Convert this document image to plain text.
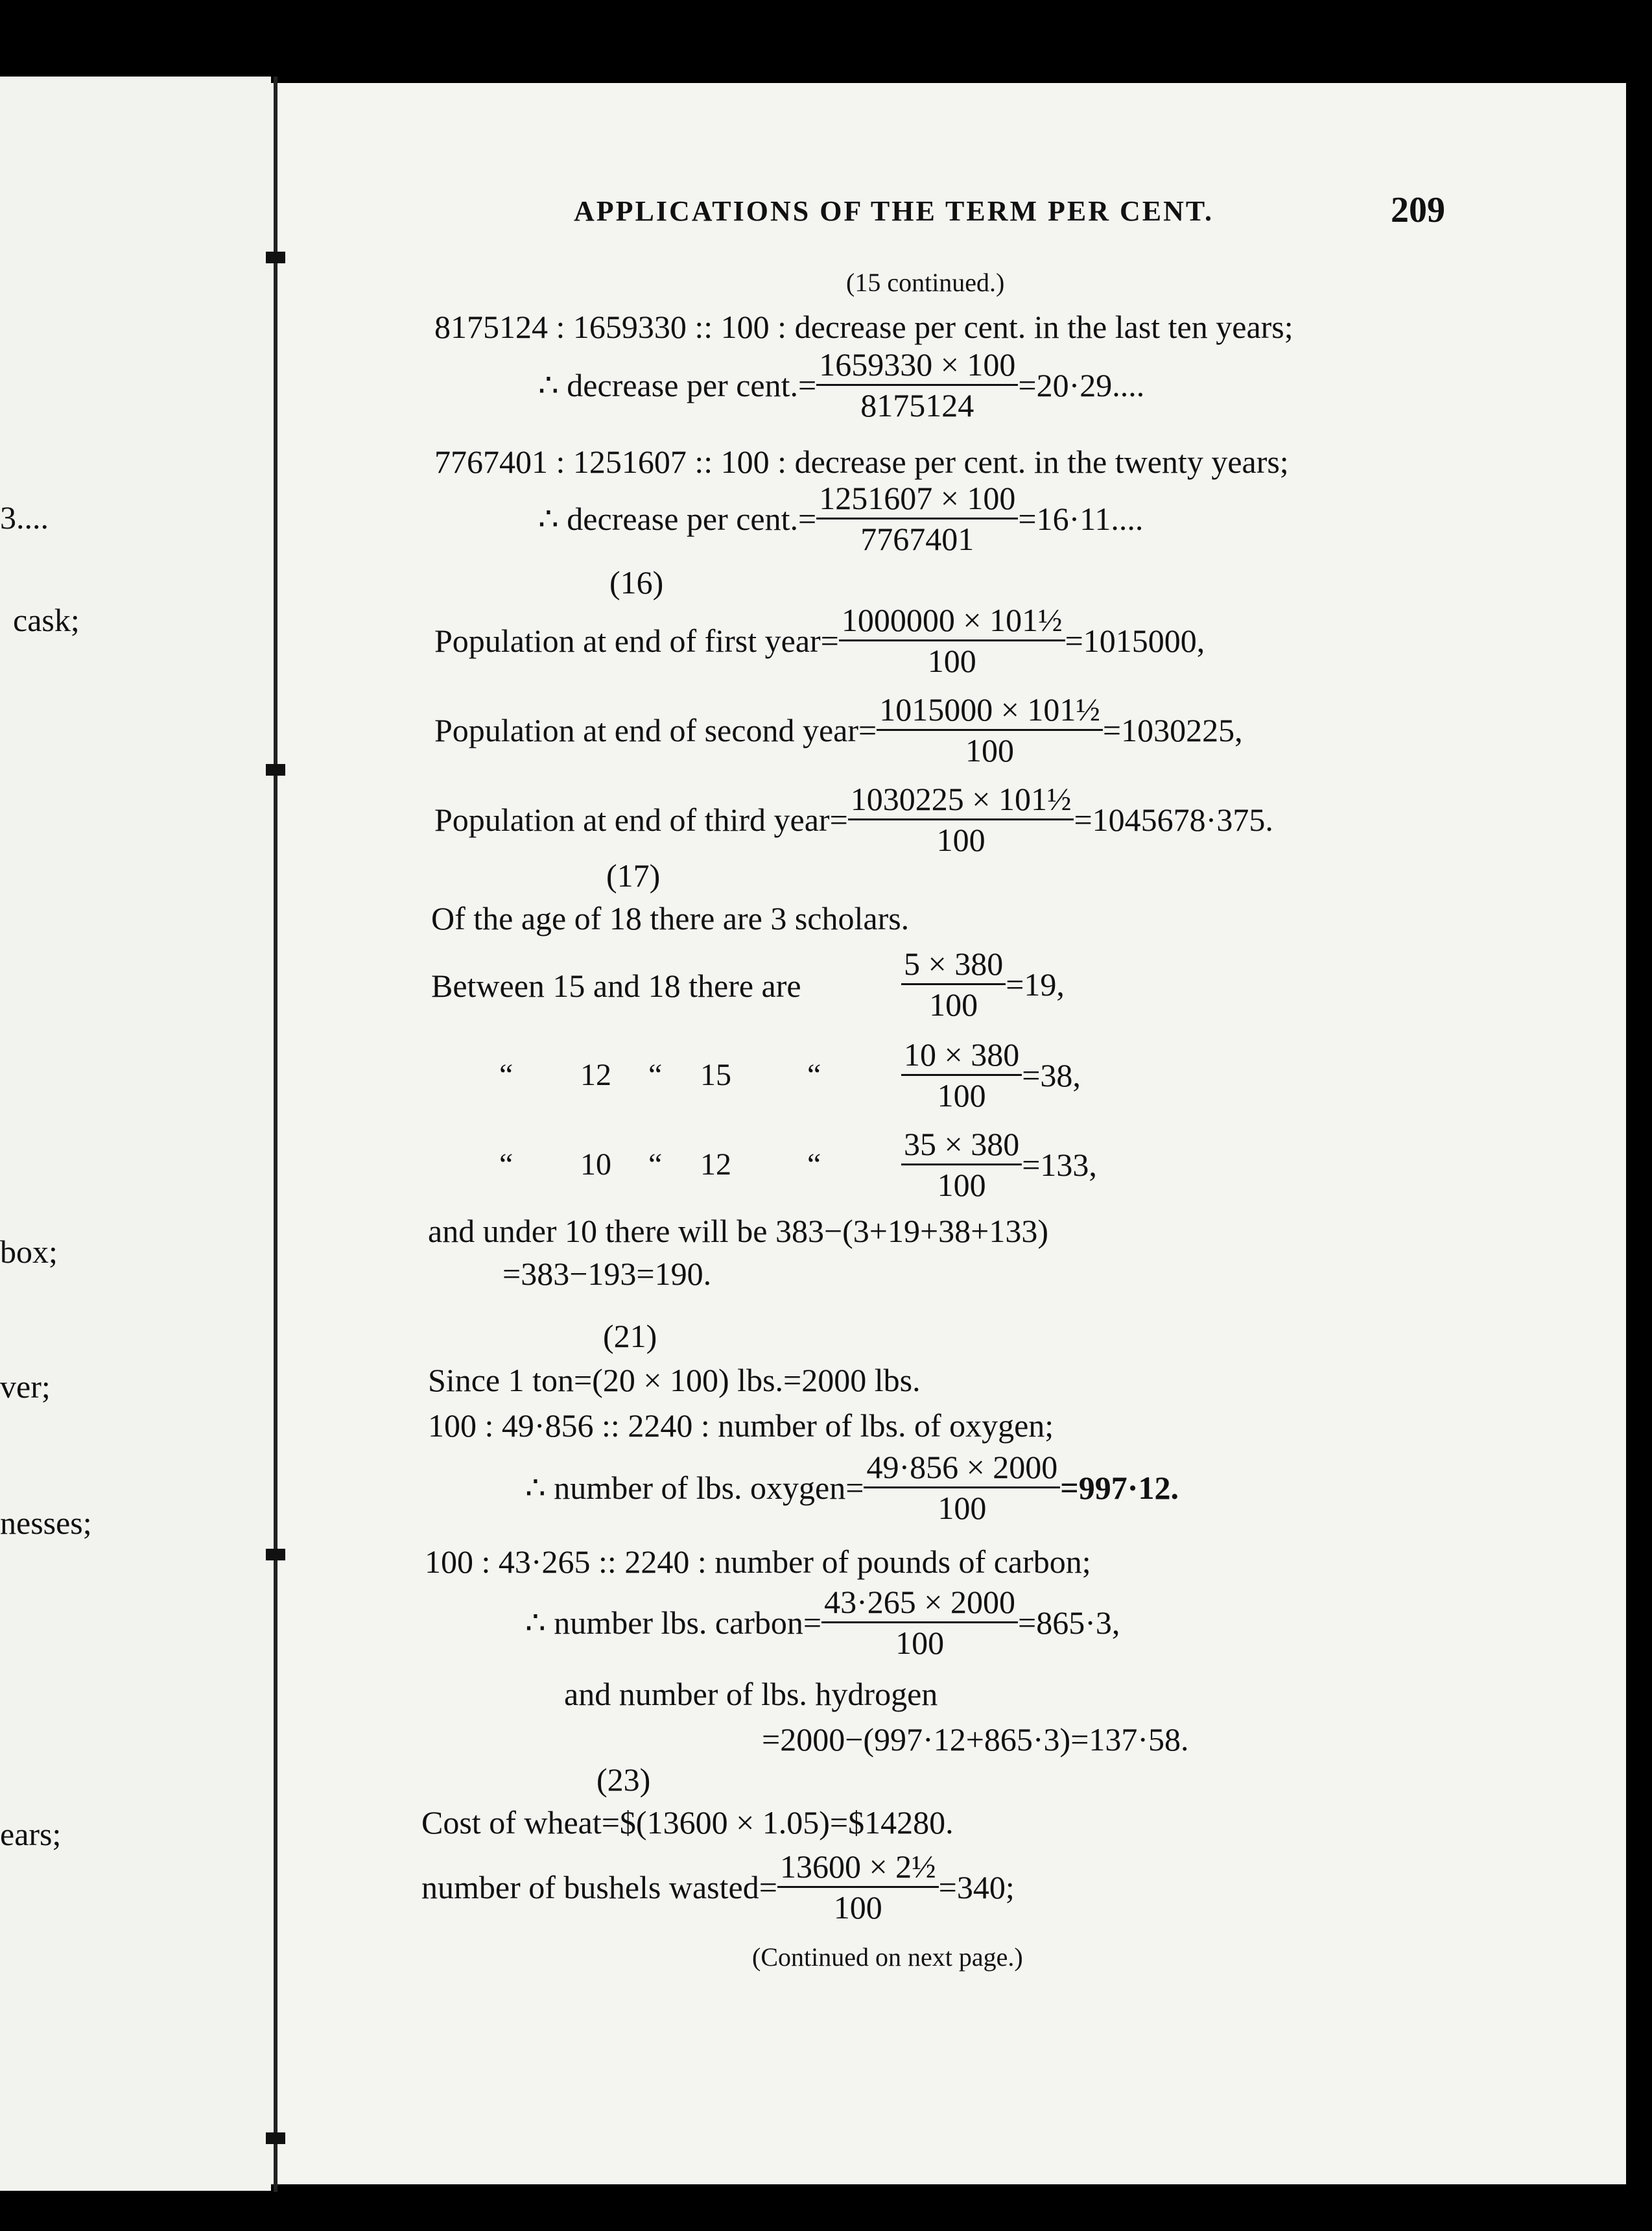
3....
cask;
box;
ver;
nesses;
ears;
APPLICATIONS OF THE TERM PER CENT.	209
(15 continued.)
8175124 : 1659330 :: 100 : decrease per cent. in the last ten years;
∴ decrease per cent.= $\frac{1659330 \times 100}{8175124} =20\cdot 29$....
7767401 : 1251607 :: 100 : decrease per cent. in the twenty years;
∴ decrease per cent.= $\frac{1251607 \times 100}{7767401} =16\cdot 11$....
(16)
Population at end of first year= $\frac{\text{1000000 × 101½}}{100} =1015000$,
Population at end of second year= $\frac{\text{1015000 × 101½}}{100} =1030225$,
Population at end of third year= $\frac{\text{1030225 × 101½}}{100} =1045678\cdot 375$.
(17)
Of the age of 18 there are 3 scholars.
Between 15 and 18 there are	$\frac{5 \times 380}{100} =19$,
“ 12 “ 15 “ $\frac{10 \times 380}{100} =38$,
“ 10 “ 12 “ $\frac{35 \times 380}{100} =133$,
and under 10 there will be 383−(3+19+38+133)
=383−193=190.
(21)
Since 1 ton=(20 × 100) lbs.=2000 lbs.
100 : 49·856 :: 2240 : number of lbs. of oxygen;
∴ number of lbs. oxygen= $\frac{49\cdot 856 \times 2000}{100} =997\cdot 12$.
100 : 43·265 :: 2240 : number of pounds of carbon;
∴ number lbs. carbon= $\frac{43\cdot 265 \times 2000}{100} =865\cdot 3$,
and number of lbs. hydrogen
=2000−(997·12+865·3)=137·58.
(23)
Cost of wheat=$(13600 × 1.05)=$14280.
number of bushels wasted= $\frac{\text{13600 × 2½}}{100} =340$;
(Continued on next page.)
